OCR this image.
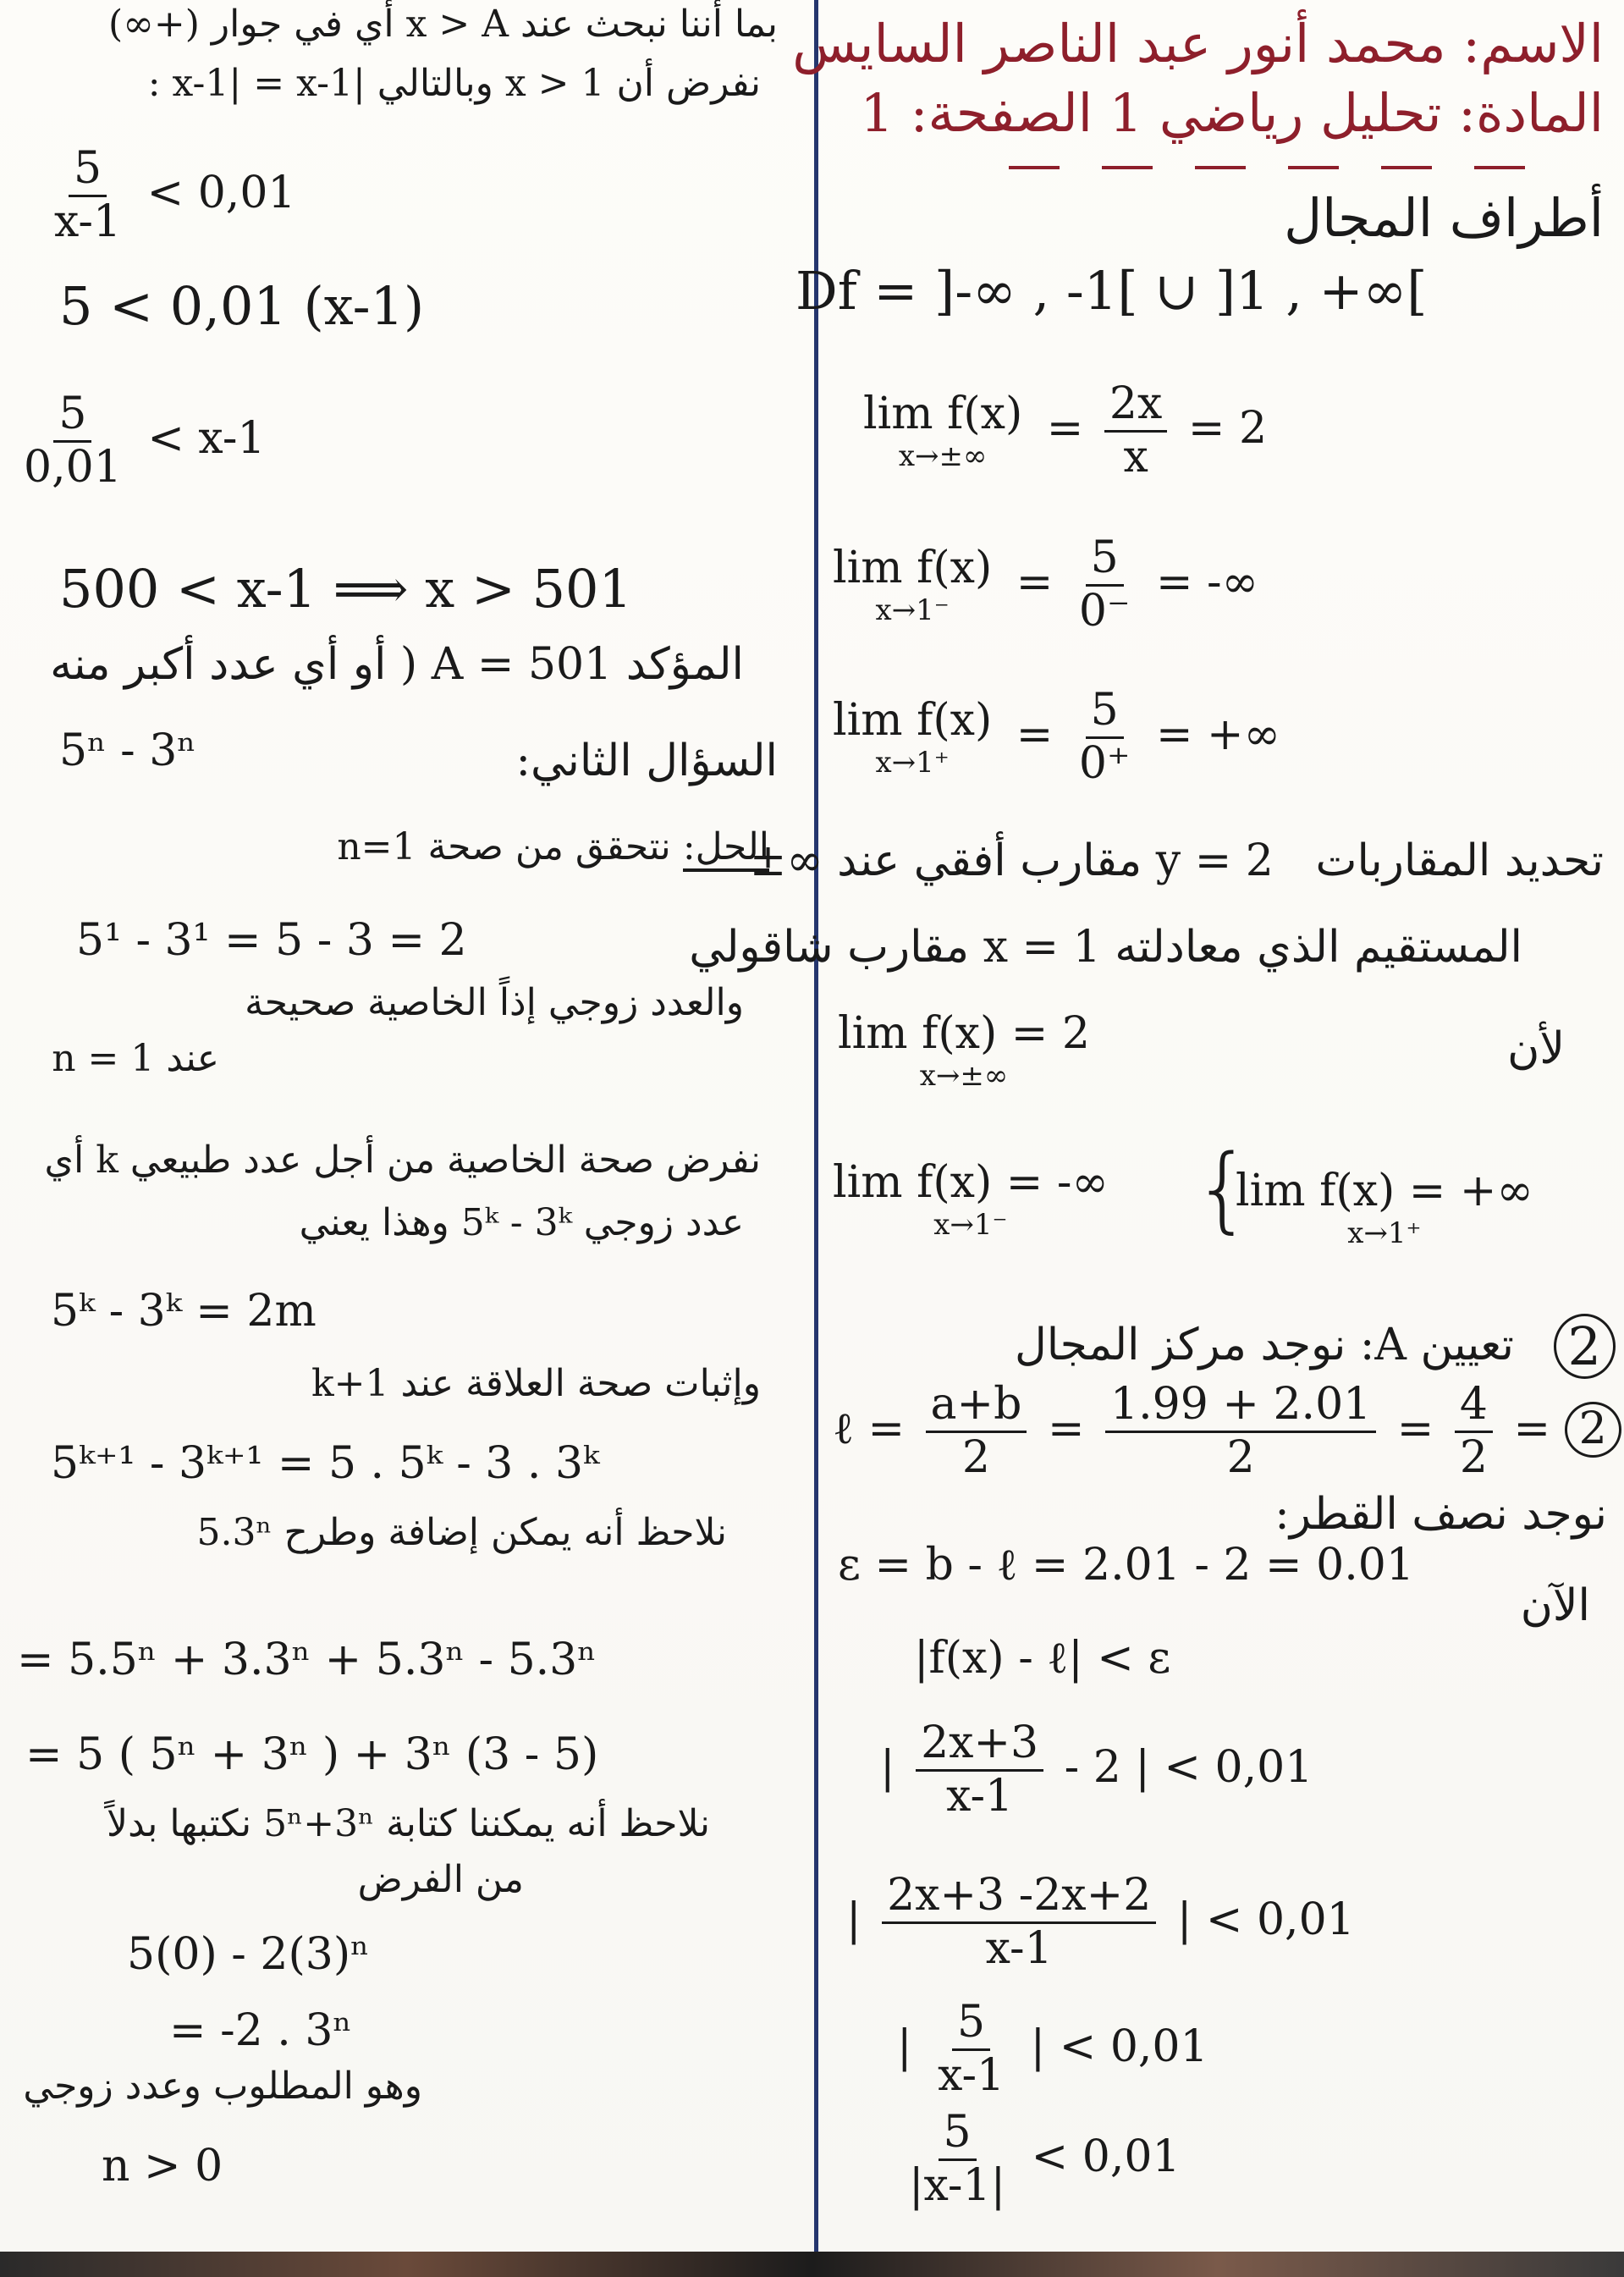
الاسم: محمد أنور عبد الناصر السايس
المادة: تحليل رياضي 1 الصفحة: 1
أطراف المجال
Df = ]-∞ , -1[ ∪ ]1 , +∞[
lim f(x)
x→±∞
= $\frac{2x}{x} = 2$
lim f(x)
x→1⁻
= $\frac{5}{0^-}$ = -∞
lim f(x)
x→1⁺
= $\frac{5}{0^+}$ = +∞
تحديد المقاربات   y = 2 مقارب أفقي عند ∞±
المستقيم الذي معادلته x = 1 مقارب شاقولي
لأن
lim f(x) = 2
x→±∞
lim f(x) = -∞
x→1⁻ {
lim f(x) = +∞
x→1⁺
2
تعيين A: نوجد مركز المجال
ℓ = $\frac{a+b}{2} = \frac{1.99 + 2.01}{2} = \frac{4}{2} = 2$
نوجد نصف القطر:
ε = b - ℓ = 2.01 - 2 = 0.01
الآن
|f(x) - ℓ| < ε
| $\frac{2x+3}{x-1} - 2$ | < 0,01
| $\frac{2x+3 -2x+2}{x-1}$ | < 0,01
| $\frac{5}{x-1}$ | < 0,01
$\frac{5}{|x-1|} < 0,01$
بما أننا نبحث عند x > A أي في جوار (+∞)
نفرض أن x > 1 وبالتالي |x-1| = x-1 :
$\frac{5}{x-1} < 0,01$
5 < 0,01 (x-1)
$\frac{5}{0,01} < x-1$
500 < x-1 ⟹ x > 501
المؤكد A = 501 ( أو أي عدد أكبر منه
5ⁿ - 3ⁿ	السؤال الثاني:
الحل: نتحقق من صحة n=1
5¹ - 3¹ = 5 - 3 = 2
والعدد زوجي إذاً الخاصية صحيحة
عند n = 1
نفرض صحة الخاصية من أجل عدد طبيعي k أي
عدد زوجي 5ᵏ - 3ᵏ وهذا يعني
5ᵏ - 3ᵏ = 2m
وإثبات صحة العلاقة عند k+1
5ᵏ⁺¹ - 3ᵏ⁺¹ = 5 . 5ᵏ - 3 . 3ᵏ
نلاحظ أنه يمكن إضافة وطرح 5.3ⁿ
= 5.5ⁿ + 3.3ⁿ + 5.3ⁿ - 5.3ⁿ
= 5 ( 5ⁿ + 3ⁿ ) + 3ⁿ (3 - 5)
نلاحظ أنه يمكننا كتابة 5ⁿ+3ⁿ نكتبها بدلاً
من الفرض
5(0) - 2(3)ⁿ
= -2 . 3ⁿ
وهو المطلوب وعدد زوجي
n > 0
